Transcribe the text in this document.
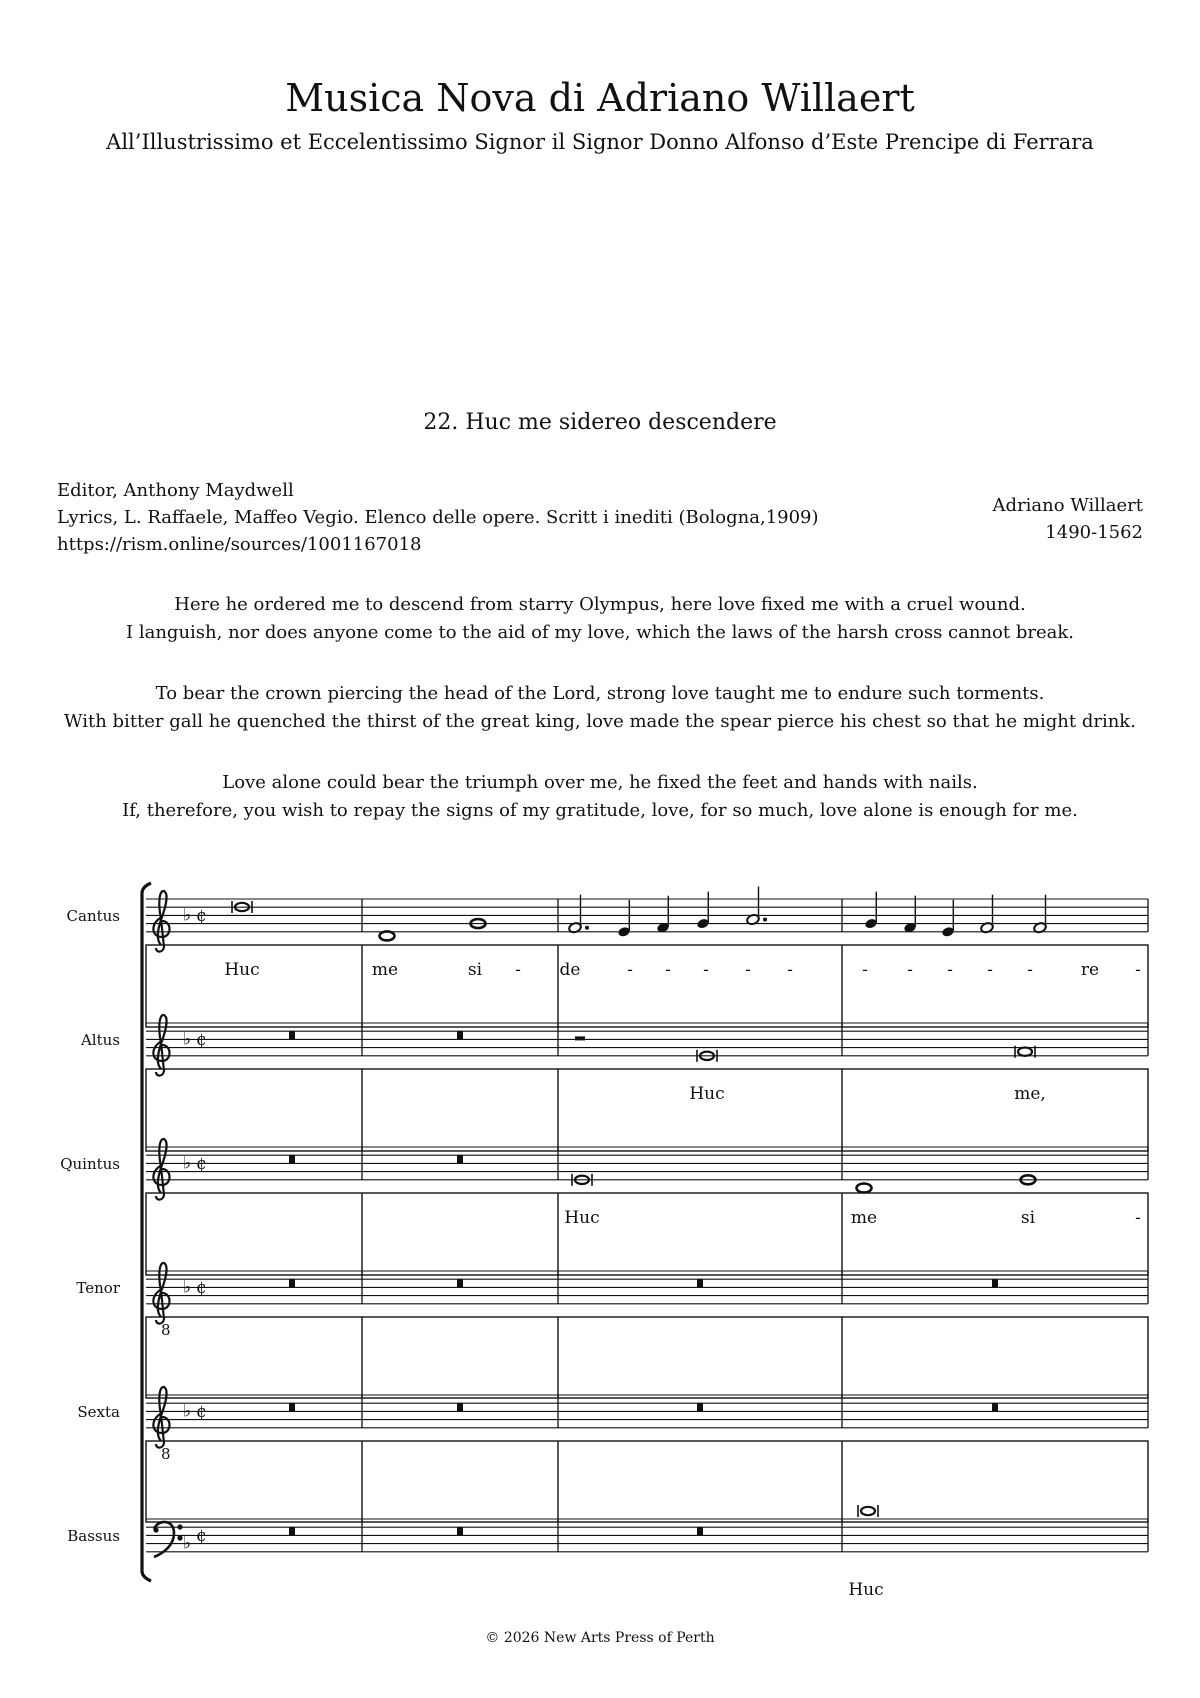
Musica Nova di Adriano Willaert
All’Illustrissimo et Eccelentissimo Signor il Signor Donno Alfonso d’Este Prencipe di Ferrara
22. Huc me sidereo descendere
Editor, Anthony Maydwell
Lyrics, L. Raffaele, Maffeo Vegio. Elenco delle opere. Scritt i inediti (Bologna,1909)
https://rism.online/sources/1001167018
Adriano Willaert
1490-1562
Here he ordered me to descend from starry Olympus, here love fixed me with a cruel wound.
I languish, nor does anyone come to the aid of my love, which the laws of the harsh cross cannot break.
To bear the crown piercing the head of the Lord, strong love taught me to endure such torments.
With bitter gall he quenched the thirst of the great king, love made the spear pierce his chest so that he might drink.
Love alone could bear the triumph over me, he fixed the feet and hands with nails.
If, therefore, you wish to repay the signs of my gratitude, love, for so much, love alone is enough for me.
Cantus	♭ ¢
Altus	♭ ¢
Quintus	♭ ¢
Tenor
8
♭ ¢
Sexta
8
♭ ¢
Bassus	♭ ¢
Huc	me	si - de	- - - - -	- - - - -	re -
Huc	me,
Huc	me	si	-
Huc
© 2026 New Arts Press of Perth
